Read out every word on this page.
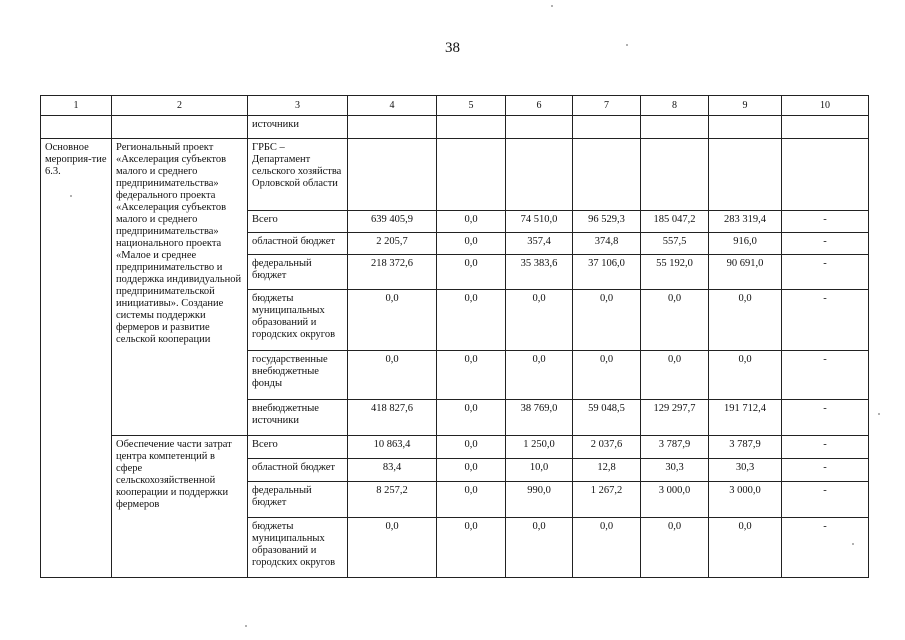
38
1	2	3	4	5	6	7	8	9	10
		источники							
Основное мероприя-тие 6.3.	Региональный проект «Акселерация субъектов малого и среднего предпринимательства» федерального проекта «Акселерация субъектов малого и среднего предпринимательства» национального проекта «Малое и среднее предпринимательство и поддержка индивидуальной предпринимательской инициативы». Создание системы поддержки фермеров и развитие сельской кооперации	ГРБС – Департамент сельского хозяйства Орловской области							
		Всего	639 405,9	0,0	74 510,0	96 529,3	185 047,2	283 319,4	-
		областной бюджет	2 205,7	0,0	357,4	374,8	557,5	916,0	-
		федеральный бюджет	218 372,6	0,0	35 383,6	37 106,0	55 192,0	90 691,0	-
		бюджеты муниципальных образований и городских округов	0,0	0,0	0,0	0,0	0,0	0,0	-
		государственные внебюджетные фонды	0,0	0,0	0,0	0,0	0,0	0,0	-
		внебюджетные источники	418 827,6	0,0	38 769,0	59 048,5	129 297,7	191 712,4	-
	Обеспечение части затрат центра компетенций в сфере сельскохозяйственной кооперации и поддержки фермеров	Всего	10 863,4	0,0	1 250,0	2 037,6	3 787,9	3 787,9	-
		областной бюджет	83,4	0,0	10,0	12,8	30,3	30,3	-
		федеральный бюджет	8 257,2	0,0	990,0	1 267,2	3 000,0	3 000,0	-
		бюджеты муниципальных образований и городских округов	0,0	0,0	0,0	0,0	0,0	0,0	-
